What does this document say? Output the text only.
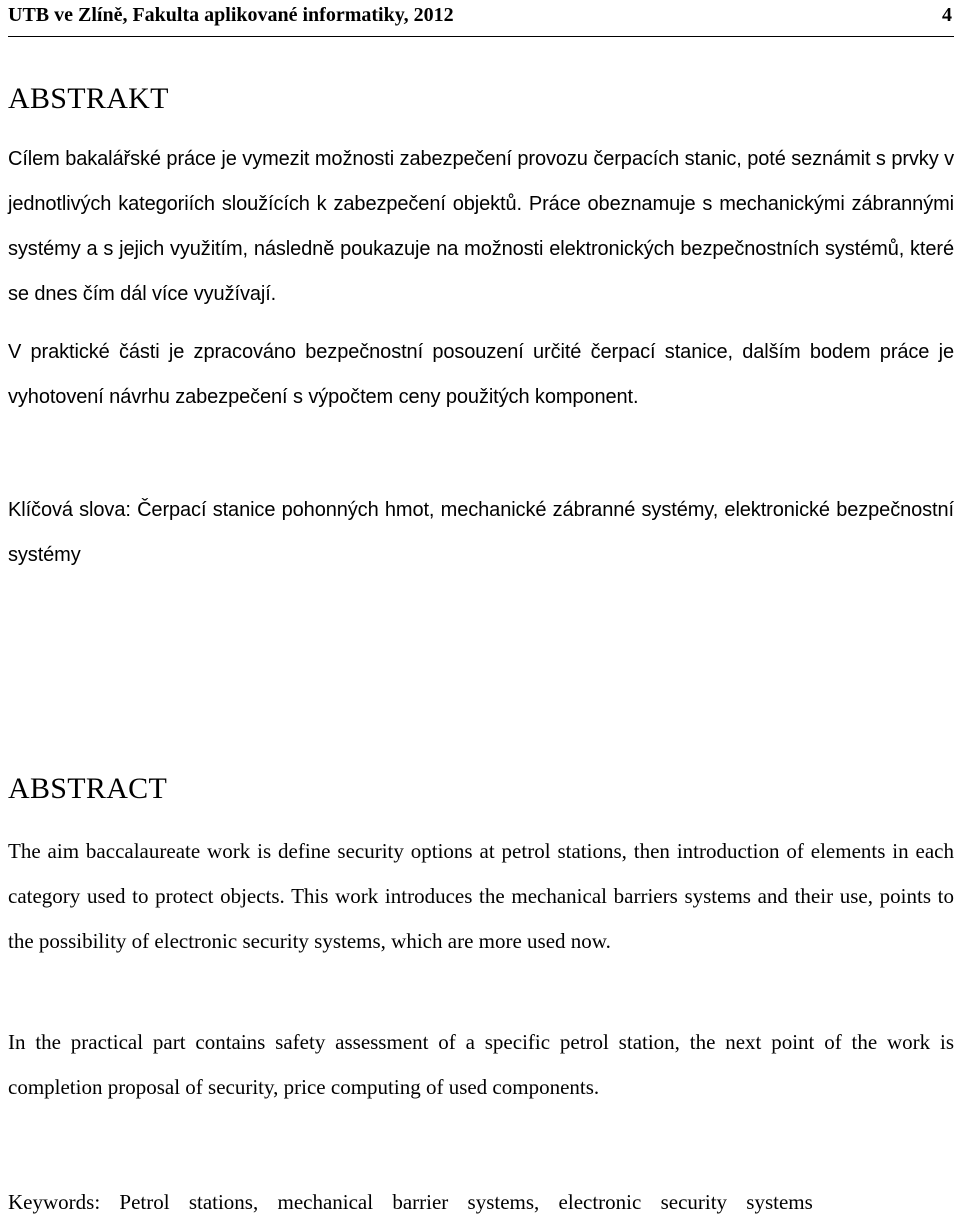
UTB ve Zlíně, Fakulta aplikované informatiky, 2012	4
ABSTRAKT

Cílem bakalářské práce je vymezit možnosti zabezpečení provozu čerpacích stanic, poté seznámit s prvky v jednotlivých kategoriích sloužících k zabezpečení objektů. Práce obeznamuje s mechanickými zábrannými systémy a s jejich využitím, následně poukazuje na možnosti elektronických bezpečnostních systémů, které se dnes čím dál více využívají.

V praktické části je zpracováno bezpečnostní posouzení určité čerpací stanice, dalším bodem práce je vyhotovení návrhu zabezpečení s výpočtem ceny použitých komponent.

Klíčová slova: Čerpací stanice pohonných hmot, mechanické zábranné systémy, elektronické bezpečnostní systémy

ABSTRACT

The aim baccalaureate work is define security options at petrol stations, then introduction of elements in each category used to protect objects. This work introduces the mechanical barriers systems and their use, points to the possibility of electronic security systems, which are more used now.

In the practical part contains safety assessment of a specific petrol station, the next point of the work is completion proposal of security, price computing of used components.

Keywords: Petrol stations, mechanical barrier systems, electronic security systems
